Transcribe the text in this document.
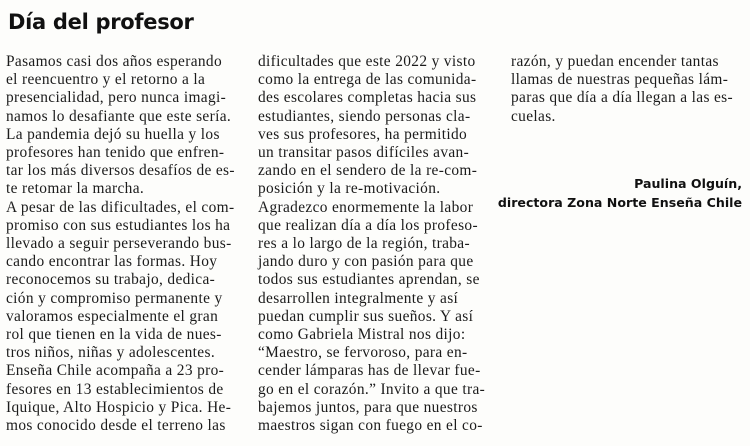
Día del profesor
Pasamos casi dos años esperando
el reencuentro y el retorno a la
presencialidad, pero nunca imagi-
namos lo desafiante que este sería.
La pandemia dejó su huella y los
profesores han tenido que enfren-
tar los más diversos desafíos de es-
te retomar la marcha.
A pesar de las dificultades, el com-
promiso con sus estudiantes los ha
llevado a seguir perseverando bus-
cando encontrar las formas. Hoy
reconocemos su trabajo, dedica-
ción y compromiso permanente y
valoramos especialmente el gran
rol que tienen en la vida de nues-
tros niños, niñas y adolescentes.
Enseña Chile acompaña a 23 pro-
fesores en 13 establecimientos de
Iquique, Alto Hospicio y Pica. He-
mos conocido desde el terreno las
dificultades que este 2022 y visto
como la entrega de las comunida-
des escolares completas hacia sus
estudiantes, siendo personas cla-
ves sus profesores, ha permitido
un transitar pasos difíciles avan-
zando en el sendero de la re-com-
posición y la re-motivación.
Agradezco enormemente la labor
que realizan día a día los profeso-
res a lo largo de la región, traba-
jando duro y con pasión para que
todos sus estudiantes aprendan, se
desarrollen integralmente y así
puedan cumplir sus sueños. Y así
como Gabriela Mistral nos dijo:
“Maestro, se fervoroso, para en-
cender lámparas has de llevar fue-
go en el corazón.” Invito a que tra-
bajemos juntos, para que nuestros
maestros sigan con fuego en el co-
razón, y puedan encender tantas
llamas de nuestras pequeñas lám-
paras que día a día llegan a las es-
cuelas.
Paulina Olguín,
directora Zona Norte Enseña Chile
